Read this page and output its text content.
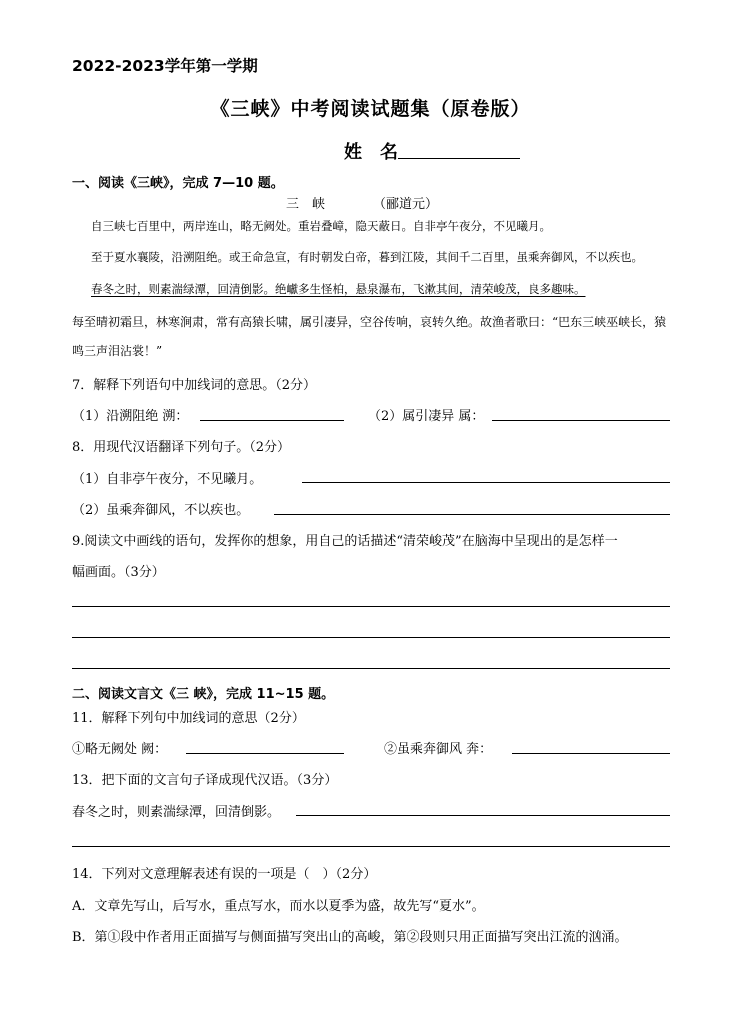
2022-2023学年第一学期
《三峡》中考阅读试题集（原卷版）
姓　名
一、阅读《三峡》，完成 7—10 题。
三　峡	（郦道元）
自三峡七百里中，两岸连山，略无阙处。重岩叠嶂，隐天蔽日。自非亭午夜分，不见曦月。
至于夏水襄陵，沿溯阻绝。或王命急宣，有时朝发白帝，暮到江陵，其间千二百里，虽乘奔御风，不以疾也。
春冬之时，则素湍绿潭，回清倒影。绝巘多生怪柏，悬泉瀑布，飞漱其间，清荣峻茂，良多趣味。
每至晴初霜旦，林寒涧肃，常有高猿长啸，属引凄异，空谷传响，哀转久绝。故渔者歌曰：“巴东三峡巫峡长，猿
鸣三声泪沾裳！”
7．解释下列语句中加线词的意思。（2分）
（1）沿溯阻绝 溯：	（2）属引凄异 属：
8．用现代汉语翻译下列句子。（2分）
（1）自非亭午夜分，不见曦月。
（2）虽乘奔御风，不以疾也。
9.阅读文中画线的语句，发挥你的想象，用自己的话描述“清荣峻茂”在脑海中呈现出的是怎样一
幅画面。（3分）
二、阅读文言文《三 峡》，完成 11~15 题。
11．解释下列句中加线词的意思（2分）
①略无阙处 阙：	②虽乘奔御风 奔：
13．把下面的文言句子译成现代汉语。（3分）
春冬之时，则素湍绿潭，回清倒影。
14．下列对文意理解表述有误的一项是（　）（2分）
A．文章先写山，后写水，重点写水，而水以夏季为盛，故先写“夏水”。
B．第①段中作者用正面描写与侧面描写突出山的高峻，第②段则只用正面描写突出江流的汹涌。
